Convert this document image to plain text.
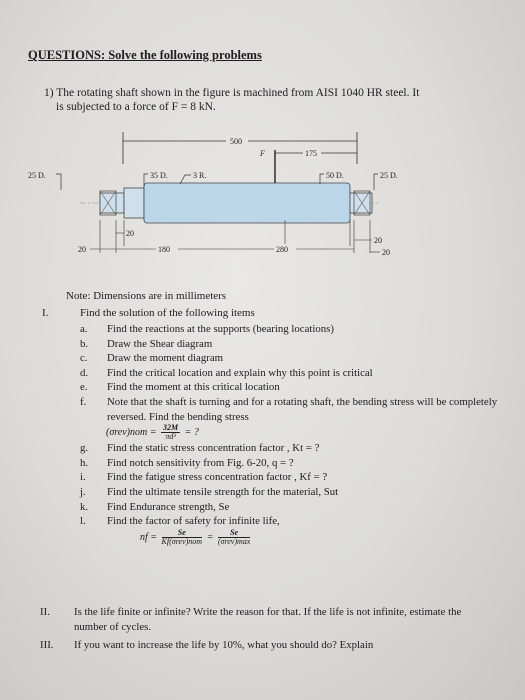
QUESTIONS: Solve the following problems
1) The rotating shaft shown in the figure is machined from AISI 1040 HR steel. It
is subjected to a force of F = 8 kN.
500
175
F
25 D.	35 D.	3 R.	50 D.	25 D.
20
20	180	280
20
20
Note: Dimensions are in millimeters
I.	Find the solution of the following items
a.	Find the reactions at the supports (bearing locations)
b.	Draw the Shear diagram
c.	Draw the moment diagram
d.	Find the critical location and explain why this point is critical
e.	Find the moment at this critical location
f.	Note that the shaft is turning and for a rotating shaft, the bending stress will be completely reversed. Find the bending stress
$(\sigma rev)nom = \frac{32M}{\text{πd³}}$ = ?
g.	Find the static stress concentration factor , Kt = ?
h.	Find notch sensitivity from Fig. 6-20, q = ?
i.	Find the fatigue stress concentration factor , Kf = ?
j.	Find the ultimate tensile strength for the material, Sut
k.	Find Endurance strength, Se
l.	Find the factor of safety for infinite life,
nf = $\frac{Se}{\text{Kf(σrev)nom}} = \frac{Se}{\text{(σrev)max}}$
II.	Is the life finite or infinite? Write the reason for that. If the life is not infinite, estimate the number of cycles.
III.	If you want to increase the life by 10%, what you should do? Explain
